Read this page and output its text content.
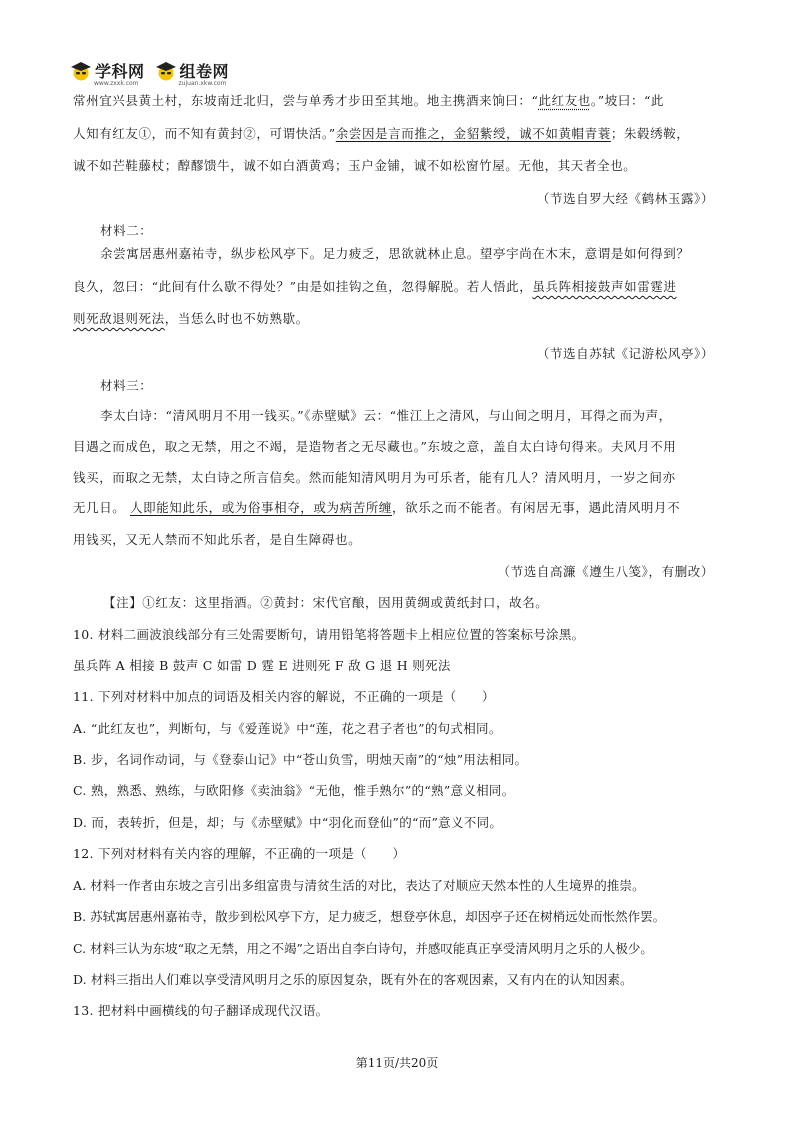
学科网
www.zxxk.com
组卷网
zujuan.xkw.com
常州宜兴县黄土村，东坡南迁北归，尝与单秀才步田至其地。地主携酒来饷曰：“此红友也。”坡曰：“此
人知有红友①，而不知有黄封②，可谓快活。”余尝因是言而推之，金貂紫绶，诚不如黄帽青蓑；朱毂绣鞍，
诚不如芒鞋藤杖；醇醪馈牛，诚不如白酒黄鸡；玉户金铺，诚不如松窗竹屋。无他，其天者全也。
（节选自罗大经《鹤林玉露》）
材料二：
余尝寓居惠州嘉祐寺，纵步松风亭下。足力疲乏，思欲就林止息。望亭宇尚在木末，意谓是如何得到？
良久，忽曰：“此间有什么歇不得处？”由是如挂钩之鱼，忽得解脱。若人悟此，虽兵阵相接鼓声如雷霆进
则死敌退则死法，当恁么时也不妨熟歇。
（节选自苏轼《记游松风亭》）
材料三：
李太白诗：“清风明月不用一钱买。”《赤壁赋》云：“惟江上之清风，与山间之明月，耳得之而为声，
目遇之而成色，取之无禁，用之不竭，是造物者之无尽藏也。”东坡之意，盖自太白诗句得来。夫风月不用
钱买，而取之无禁，太白诗之所言信矣。然而能知清风明月为可乐者，能有几人？清风明月，一岁之间亦
无几日。 人即能知此乐，或为俗事相夺，或为病苦所缠，欲乐之而不能者。有闲居无事，遇此清风明月不
用钱买，又无人禁而不知此乐者，是自生障碍也。
（节选自高濂《遵生八笺》，有删改）
【注】①红友：这里指酒。②黄封：宋代官酿，因用黄绸或黄纸封口，故名。
10. 材料二画波浪线部分有三处需要断句，请用铅笔将答题卡上相应位置的答案标号涂黑。
虽兵阵 A 相接 B 鼓声 C 如雷 D 霆 E 进则死 F 敌 G 退 H 则死法
11. 下列对材料中加点的词语及相关内容的解说，不正确的一项是（　　）
A. “此红友也”，判断句，与《爱莲说》中“莲，花之君子者也”的句式相同。
B. 步，名词作动词，与《登泰山记》中“苍山负雪，明烛天南”的“烛”用法相同。
C. 熟，熟悉、熟练，与欧阳修《卖油翁》“无他，惟手熟尔”的“熟”意义相同。
D. 而，表转折，但是，却；与《赤壁赋》中“羽化而登仙”的“而”意义不同。
12. 下列对材料有关内容的理解，不正确的一项是（　　）
A. 材料一作者由东坡之言引出多组富贵与清贫生活的对比，表达了对顺应天然本性的人生境界的推崇。
B. 苏轼寓居惠州嘉祐寺，散步到松风亭下方，足力疲乏，想登亭休息，却因亭子还在树梢远处而怅然作罢。
C. 材料三认为东坡“取之无禁，用之不竭”之语出自李白诗句，并感叹能真正享受清风明月之乐的人极少。
D. 材料三指出人们难以享受清风明月之乐的原因复杂，既有外在的客观因素，又有内在的认知因素。
13. 把材料中画横线的句子翻译成现代汉语。
第11页/共20页
